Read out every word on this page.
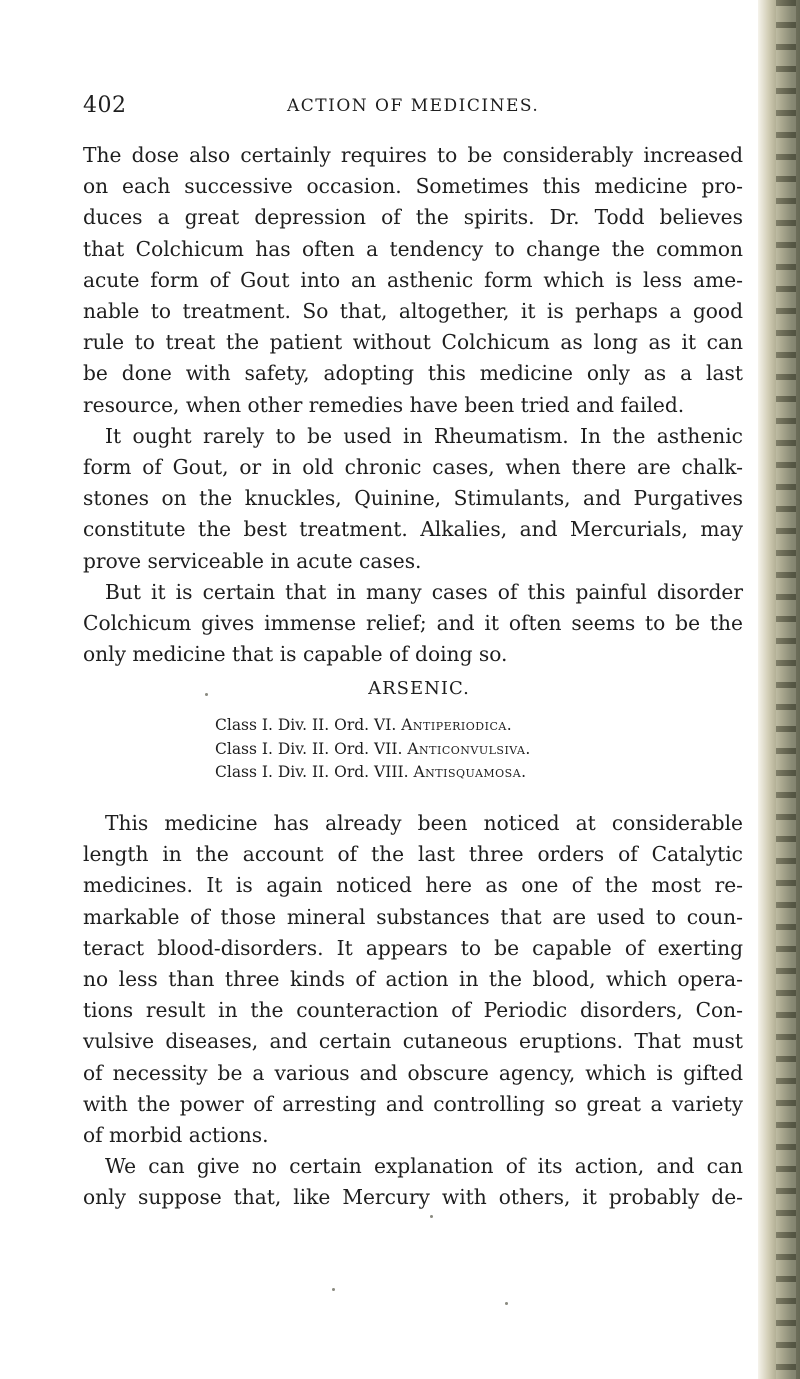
402	ACTION OF MEDICINES.

The dose also certainly requires to be considerably increased
on each successive occasion. Sometimes this medicine pro-
duces a great depression of the spirits. Dr. Todd believes
that Colchicum has often a tendency to change the common
acute form of Gout into an asthenic form which is less ame-
nable to treatment. So that, altogether, it is perhaps a good
rule to treat the patient without Colchicum as long as it can
be done with safety, adopting this medicine only as a last
resource, when other remedies have been tried and failed.

It ought rarely to be used in Rheumatism. In the asthenic
form of Gout, or in old chronic cases, when there are chalk-
stones on the knuckles, Quinine, Stimulants, and Purgatives
constitute the best treatment. Alkalies, and Mercurials, may
prove serviceable in acute cases.

But it is certain that in many cases of this painful disorder
Colchicum gives immense relief; and it often seems to be the
only medicine that is capable of doing so.

ARSENIC.
Class I. Div. II. Ord. VI. Antiperiodica.
Class I. Div. II. Ord. VII. Anticonvulsiva.
Class I. Div. II. Ord. VIII. Antisquamosa.

This medicine has already been noticed at considerable
length in the account of the last three orders of Catalytic
medicines. It is again noticed here as one of the most re-
markable of those mineral substances that are used to coun-
teract blood-disorders. It appears to be capable of exerting
no less than three kinds of action in the blood, which opera-
tions result in the counteraction of Periodic disorders, Con-
vulsive diseases, and certain cutaneous eruptions. That must
of necessity be a various and obscure agency, which is gifted
with the power of arresting and controlling so great a variety
of morbid actions.

We can give no certain explanation of its action, and can
only suppose that, like Mercury with others, it probably de-
